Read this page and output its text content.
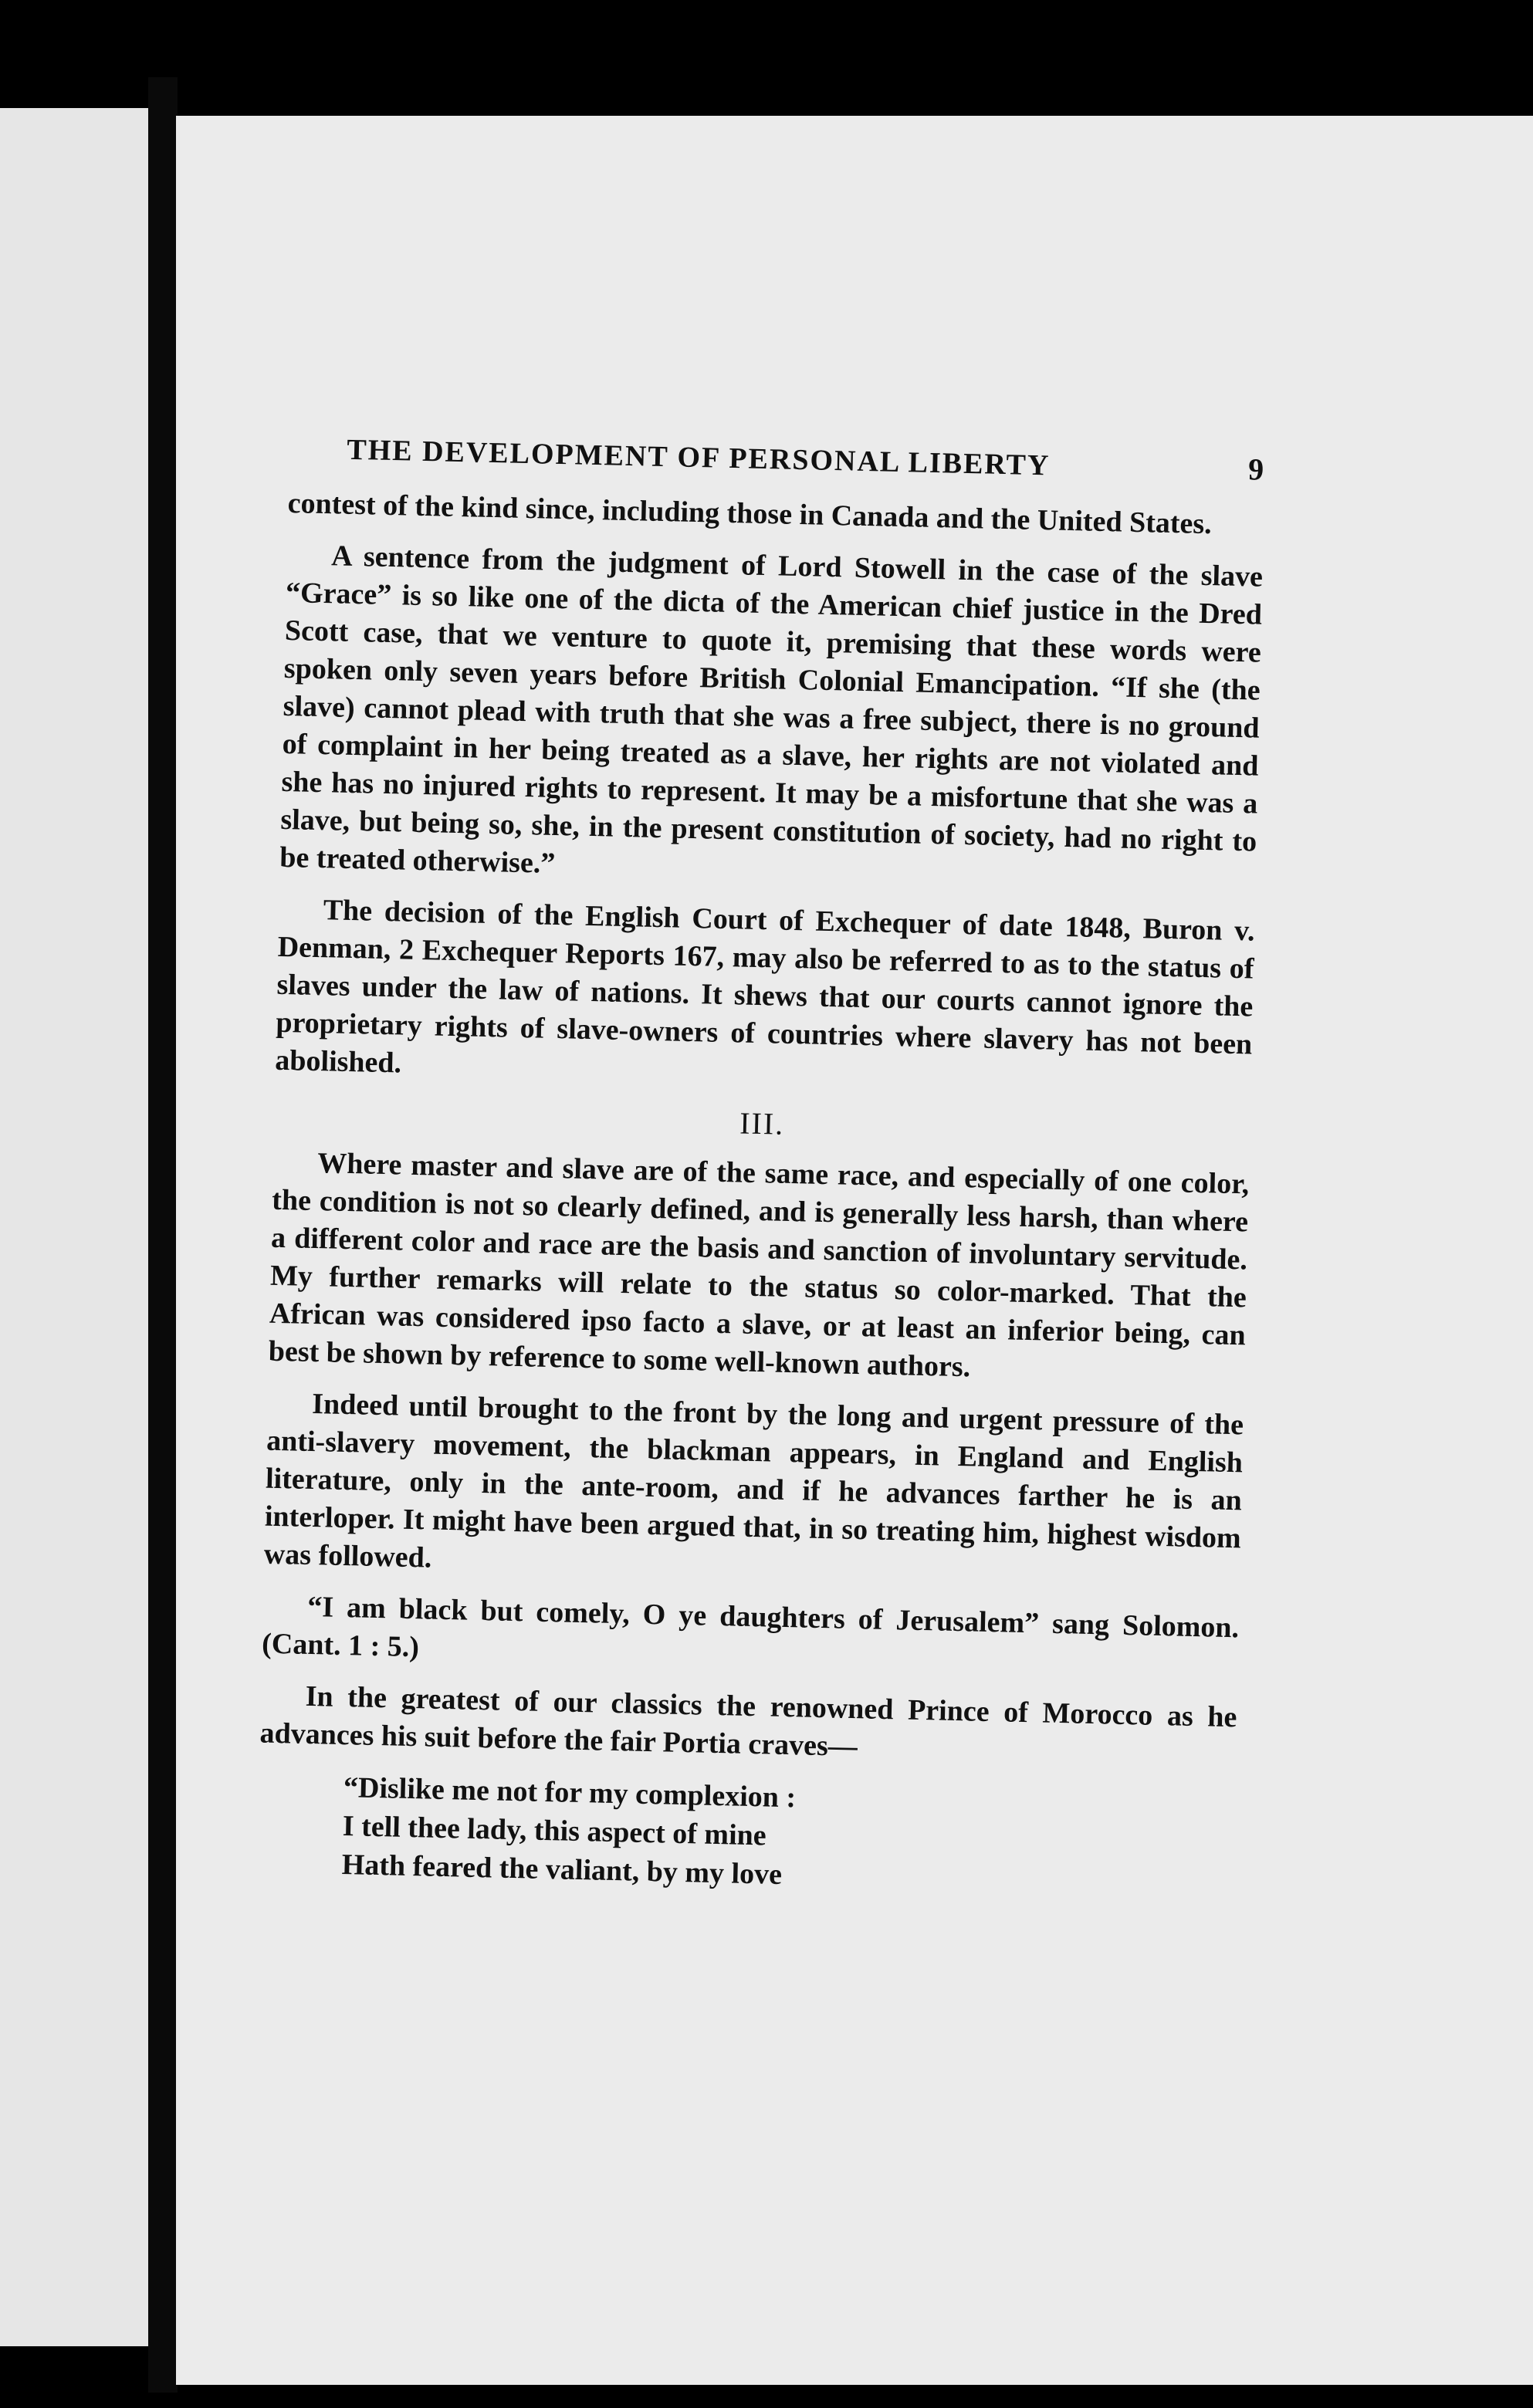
THE DEVELOPMENT OF PERSONAL LIBERTY	9

contest of the kind since, including those in Canada and the United States.

A sentence from the judgment of Lord Stowell in the case of the slave “Grace” is so like one of the dicta of the American chief justice in the Dred Scott case, that we venture to quote it, premising that these words were spoken only seven years before British Colonial Emancipation. “If she (the slave) cannot plead with truth that she was a free subject, there is no ground of complaint in her being treated as a slave, her rights are not violated and she has no injured rights to represent. It may be a misfortune that she was a slave, but being so, she, in the present constitution of society, had no right to be treated otherwise.”

The decision of the English Court of Exchequer of date 1848, Buron v. Denman, 2 Exchequer Reports 167, may also be referred to as to the status of slaves under the law of nations. It shews that our courts cannot ignore the proprietary rights of slave-owners of countries where slavery has not been abolished.

III.

Where master and slave are of the same race, and especially of one color, the condition is not so clearly defined, and is generally less harsh, than where a different color and race are the basis and sanction of involuntary servitude. My further remarks will relate to the status so color-marked. That the African was considered ipso facto a slave, or at least an inferior being, can best be shown by reference to some well-known authors.

Indeed until brought to the front by the long and urgent pressure of the anti-slavery movement, the blackman appears, in England and English literature, only in the ante-room, and if he advances farther he is an interloper. It might have been argued that, in so treating him, highest wisdom was followed.

“I am black but comely, O ye daughters of Jerusalem” sang Solomon. (Cant. 1 : 5.)

In the greatest of our classics the renowned Prince of Morocco as he advances his suit before the fair Portia craves—

“Dislike me not for my complexion :
I tell thee lady, this aspect of mine
Hath feared the valiant, by my love
